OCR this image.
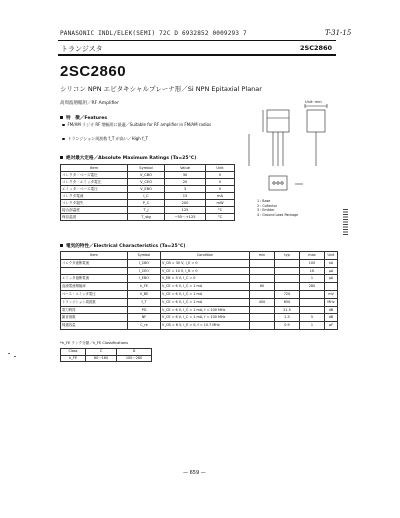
PANASONIC INDL/ELEK(SEMI) 72C D 6932852 0009293 7	T-31-15
トランジスタ	2SC2860
2SC2860
シリコン NPN エピタキシャルプレーナ形／Si NPN Epitaxial Planar
高周波増幅用／RF Amplifier
特　徴／Features
FM/AM ラジオ RF 増幅用に最適／Suitable for RF amplifier in FM/AM radios
トランジション周波数 f_T が高い／High f_T
絶対最大定格／Absolute Maximum Ratings (Ta=25°C)
Item	Symbol	Value	Unit
コレクタ・ベース電圧	V_CBO	30	V
コレクタ・エミッタ電圧	V_CEO	20	V
エミッタ・ベース電圧	V_EBO	3	V
コレクタ電流	I_C	15	mA
コレクタ損失	P_C	200	mW
接合部温度	T_j	125	°C
保存温度	T_stg	−55～+125	°C
Unit: mm
1 : Base
2 : Collector
3 : Emitter
4 : Ground Lead Package
電気的特性／Electrical Characteristics (Ta=25°C)
Item	Symbol	Condition	min	typ	max	Unit
コレクタ遮断電流	I_CBO	V_CB = 30 V, I_E = 0			100	nA
	I_CEO	V_CE = 10 V, I_B = 0			1K	μA
エミッタ遮断電流	I_EBO	V_EB = 3 V, I_C = 0			1	μA
直流電流増幅率	h_FE	V_CE = 6 V, I_C = 1 mA	60		280	
ベース・エミッタ電圧	V_BE	V_CE = 6 V, I_C = 1 mA		720		mV
トランジション周波数	f_T	V_CE = 6 V, I_C = 1 mA	400	650		MHz
電力利得	PG	V_CE = 6 V, I_C = 1 mA, f = 100 MHz		21.5		dB
雑音指数	NF	V_CE = 6 V, I_C = 1 mA, f = 100 MHz		2.3	5	dB
帰還容量	C_re	V_CB = 6 V, I_E = 0, f = 10.7 MHz		0.9	1	pF
*h_FE ランク分類／h_FE Classifications
Class	C	D
h_FE	60～160	100～280
— 659 —
